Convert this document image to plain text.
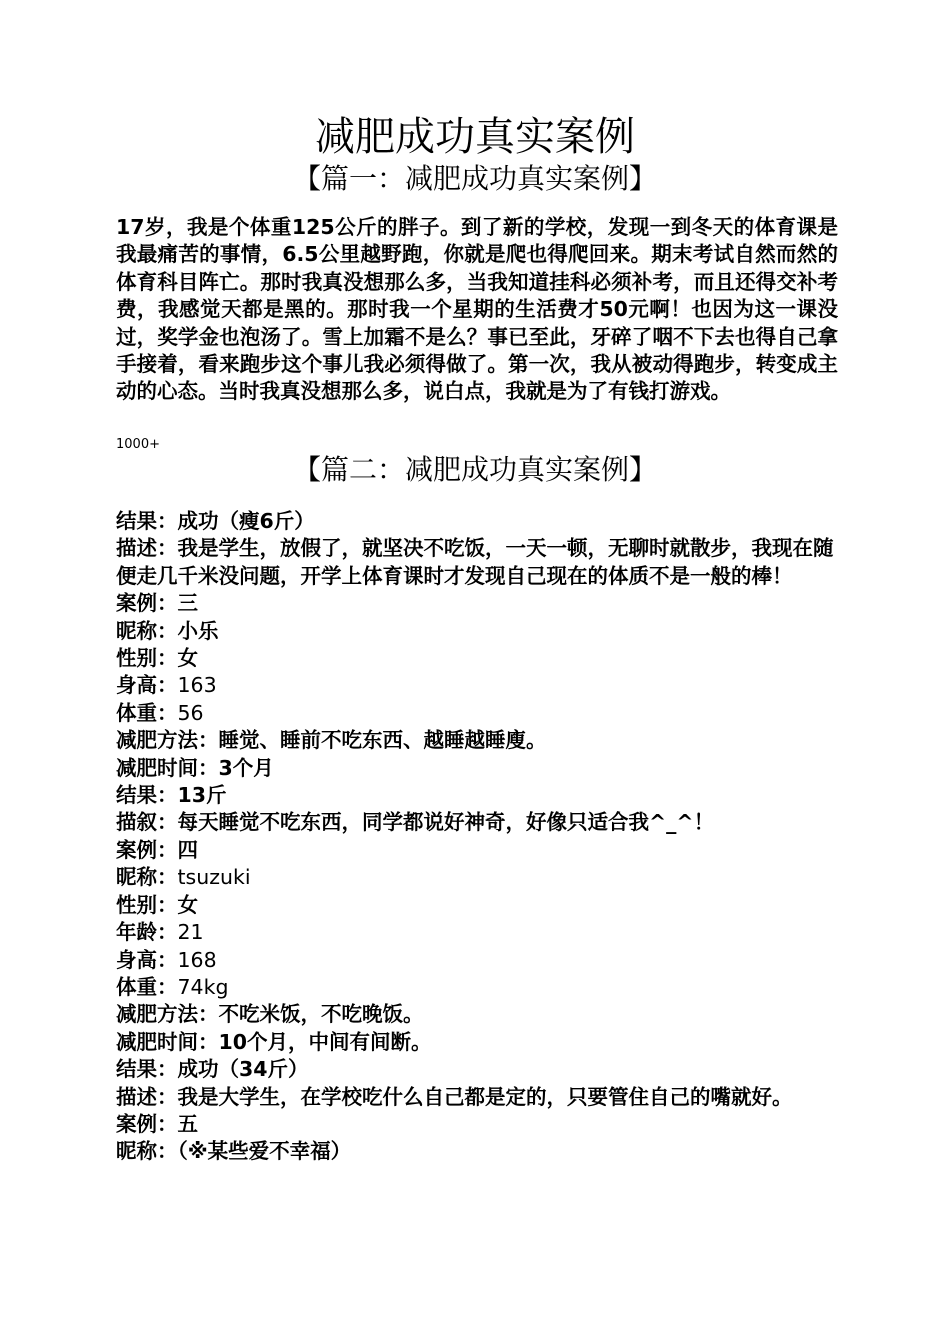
减肥成功真实案例
【篇一：减肥成功真实案例】

17岁，我是个体重125公斤的胖子。到了新的学校，发现一到冬天的体育课是我最痛苦的事情，6.5公里越野跑，你就是爬也得爬回来。期末考试自然而然的体育科目阵亡。那时我真没想那么多，当我知道挂科必须补考，而且还得交补考费，我感觉天都是黑的。那时我一个星期的生活费才50元啊！也因为这一课没过，奖学金也泡汤了。雪上加霜不是么？事已至此，牙碎了咽不下去也得自己拿手接着，看来跑步这个事儿我必须得做了。第一次，我从被动得跑步，转变成主动的心态。当时我真没想那么多，说白点，我就是为了有钱打游戏。

1000+

【篇二：减肥成功真实案例】
结果：成功（瘦6斤）
描述：我是学生，放假了，就坚决不吃饭，一天一顿，无聊时就散步，我现在随便走几千米没问题，开学上体育课时才发现自己现在的体质不是一般的棒！
案例：三
昵称：小乐
性别：女
身高：163
体重：56
减肥方法：睡觉、睡前不吃东西、越睡越睡廋。
减肥时间：3个月
结果：13斤
描叙：每天睡觉不吃东西，同学都说好神奇，好像只适合我^_^！
案例：四
昵称：tsuzuki
性别：女
年龄：21
身高：168
体重：74kg
减肥方法：不吃米饭，不吃晚饭。
减肥时间：10个月，中间有间断。
结果：成功（34斤）
描述：我是大学生，在学校吃什么自己都是定的，只要管住自己的嘴就好。
案例：五
昵称：（※某些爱不幸福）
